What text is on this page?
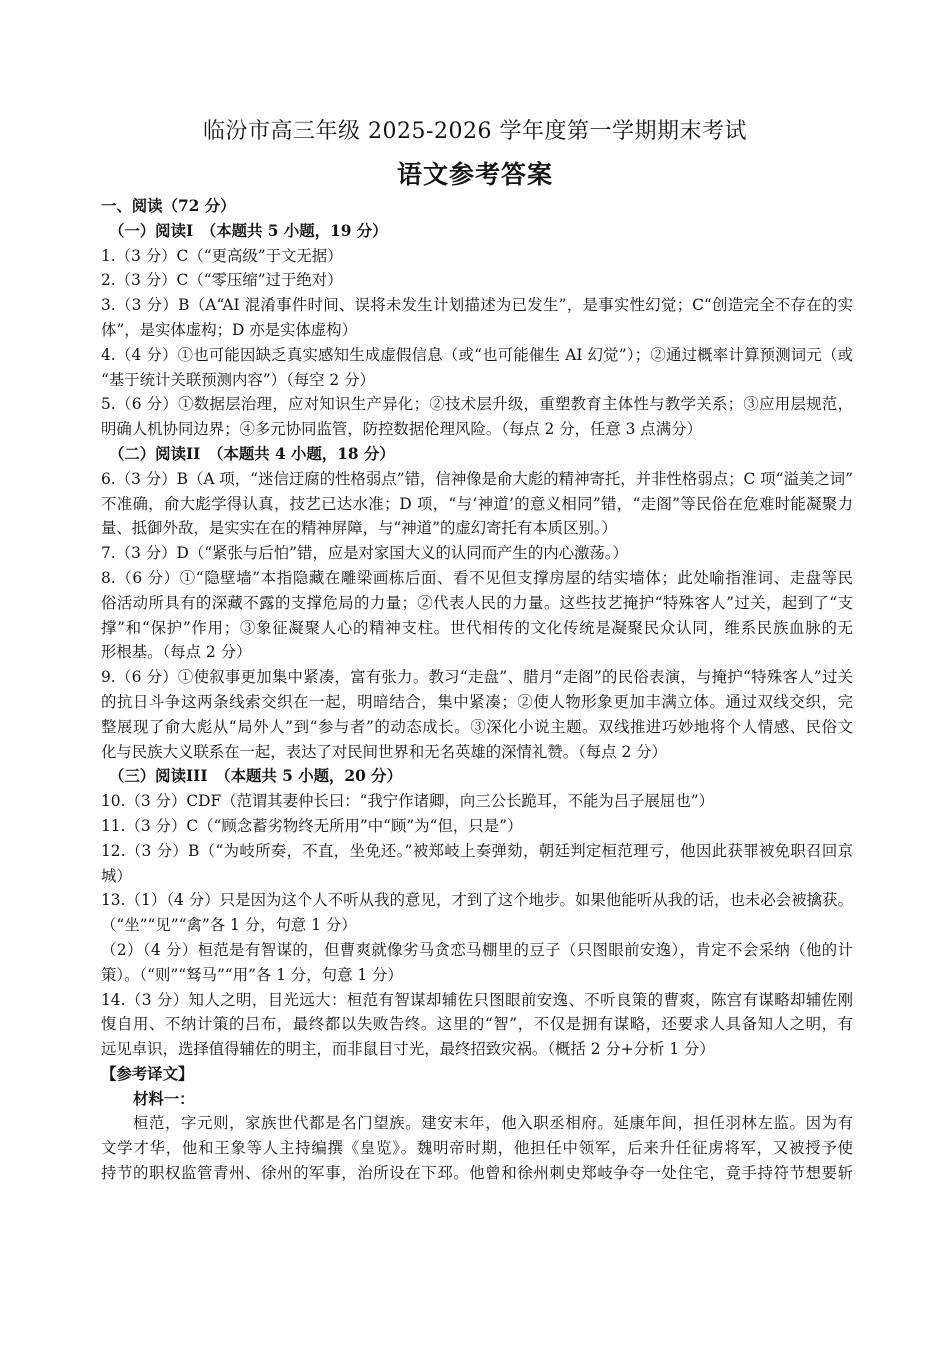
临汾市高三年级 2025-2026 学年度第一学期期末考试
语文参考答案
一、阅读（72 分）
（一）阅读I　（本题共 5 小题，19 分）
1.（3 分）C（“更高级”于文无据）
2.（3 分）C（“零压缩”过于绝对）
3.（3 分）B（A“AI 混淆事件时间、误将未发生计划描述为已发生”，是事实性幻觉；C“创造完全不存在的实
体”，是实体虚构；D 亦是实体虚构）
4.（4 分）①也可能因缺乏真实感知生成虚假信息（或“也可能催生 AI 幻觉”）；②通过概率计算预测词元（或
“基于统计关联预测内容”）（每空 2 分）
5.（6 分）①数据层治理，应对知识生产异化；②技术层升级，重塑教育主体性与教学关系；③应用层规范，
明确人机协同边界；④多元协同监管，防控数据伦理风险。（每点 2 分，任意 3 点满分）
（二）阅读II　（本题共 4 小题，18 分）
6.（3 分）B（A 项，“迷信迂腐的性格弱点”错，信神像是俞大彪的精神寄托，并非性格弱点；C 项“溢美之词”
不准确，俞大彪学得认真，技艺已达水准；D 项，“与‘神道’的意义相同”错，“走阁”等民俗在危难时能凝聚力
量、抵御外敌，是实实在在的精神屏障，与“神道”的虚幻寄托有本质区别。）
7.（3 分）D（“紧张与后怕”错，应是对家国大义的认同而产生的内心激荡。）
8.（6 分）①“隐壁墙”本指隐藏在雕梁画栋后面、看不见但支撑房屋的结实墙体；此处喻指淮词、走盘等民
俗活动所具有的深藏不露的支撑危局的力量；②代表人民的力量。这些技艺掩护“特殊客人”过关，起到了“支
撑”和“保护”作用；③象征凝聚人心的精神支柱。世代相传的文化传统是凝聚民众认同，维系民族血脉的无
形根基。（每点 2 分）
9.（6 分）①使叙事更加集中紧凑，富有张力。教习“走盘”、腊月“走阁”的民俗表演，与掩护“特殊客人”过关
的抗日斗争这两条线索交织在一起，明暗结合，集中紧凑；②使人物形象更加丰满立体。通过双线交织，完
整展现了俞大彪从“局外人”到“参与者”的动态成长。③深化小说主题。双线推进巧妙地将个人情感、民俗文
化与民族大义联系在一起，表达了对民间世界和无名英雄的深情礼赞。（每点 2 分）
（三）阅读III　（本题共 5 小题，20 分）
10.（3 分）CDF（范谓其妻仲长曰：“我宁作诸卿，向三公长跪耳，不能为吕子展屈也”）
11.（3 分）C（“顾念蓄劣物终无所用”中“顾”为“但，只是”）
12.（3 分）B（“为岐所奏，不直，坐免还。”被郑岐上奏弹劾，朝廷判定桓范理亏，他因此获罪被免职召回京
城）
13.（1）（4 分）只是因为这个人不听从我的意见，才到了这个地步。如果他能听从我的话，也未必会被擒获。
（“坐”“见”“禽”各 1 分，句意 1 分）
（2）（4 分）桓范是有智谋的，但曹爽就像劣马贪恋马棚里的豆子（只图眼前安逸），肯定不会采纳（他的计
策）。（“则”“驽马”“用”各 1 分，句意 1 分）
14.（3 分）知人之明，目光远大：桓范有智谋却辅佐只图眼前安逸、不听良策的曹爽，陈宫有谋略却辅佐刚
愎自用、不纳计策的吕布，最终都以失败告终。这里的“智”，不仅是拥有谋略，还要求人具备知人之明，有
远见卓识，选择值得辅佐的明主，而非鼠目寸光，最终招致灾祸。（概括 2 分+分析 1 分）
【参考译文】
材料一：
　　桓范，字元则，家族世代都是名门望族。建安末年，他入职丞相府。延康年间，担任羽林左监。因为有
文学才华，他和王象等人主持编撰《皇览》。魏明帝时期，他担任中领军，后来升任征虏将军，又被授予使
持节的职权监管青州、徐州的军事，治所设在下邳。他曾和徐州刺史郑岐争夺一处住宅，竟手持符节想要斩
